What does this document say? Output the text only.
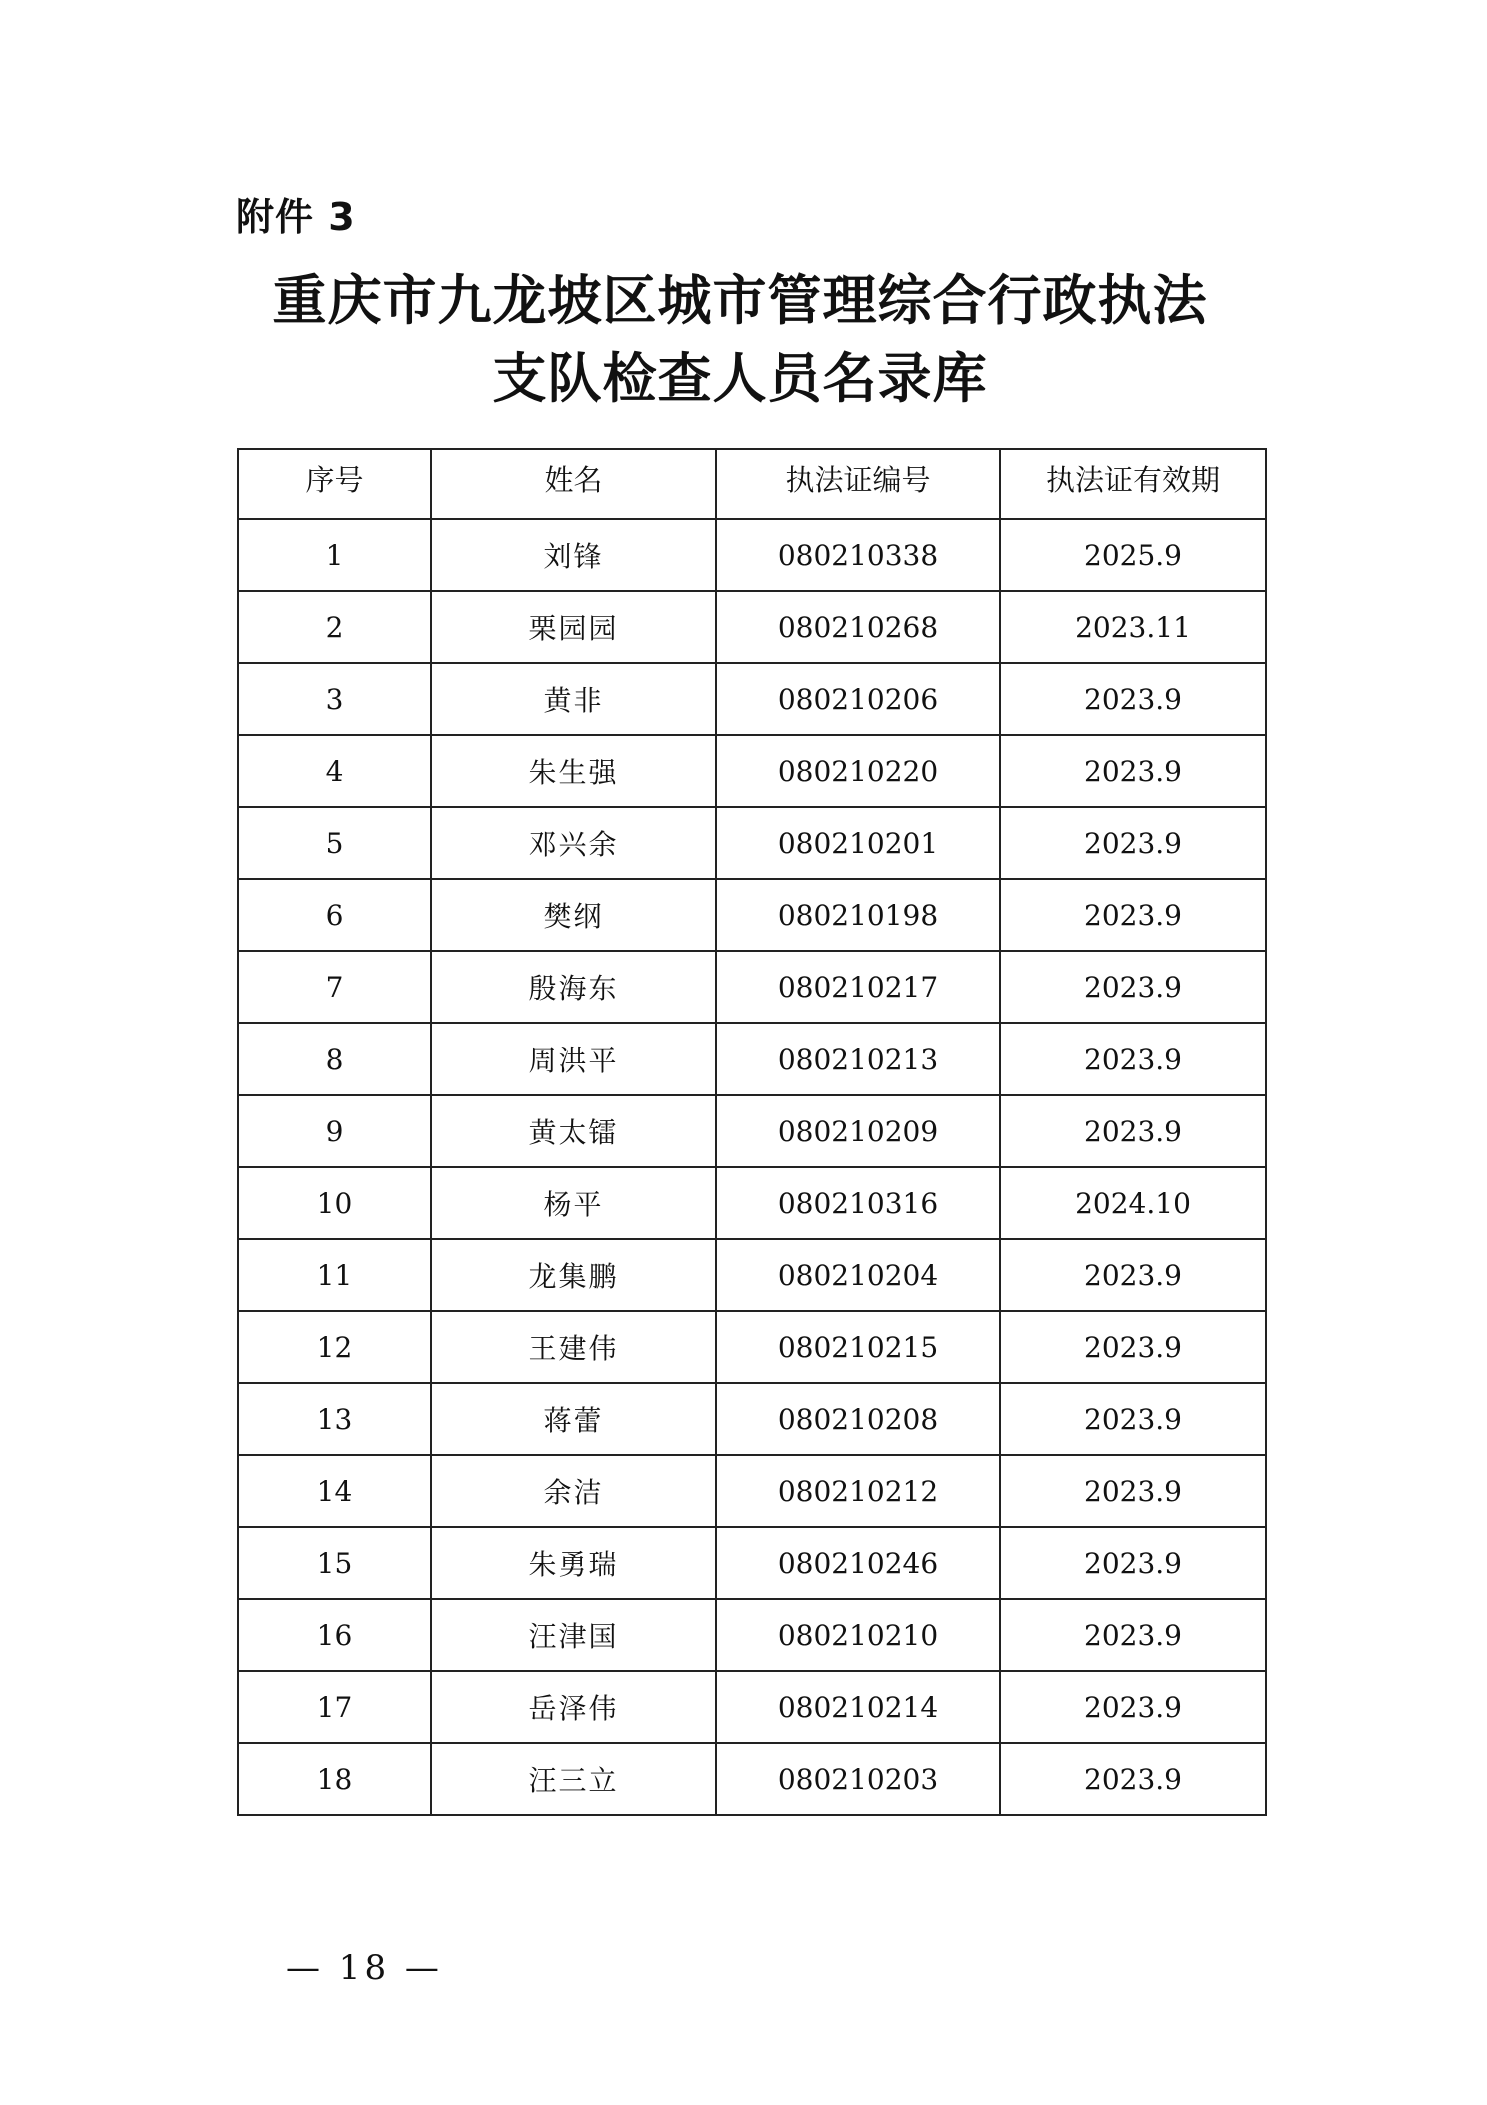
附件 3
重庆市九龙坡区城市管理综合行政执法
支队检查人员名录库
序号	姓名	执法证编号	执法证有效期
1	刘锋	080210338	2025.9
2	栗园园	080210268	2023.11
3	黄非	080210206	2023.9
4	朱生强	080210220	2023.9
5	邓兴余	080210201	2023.9
6	樊纲	080210198	2023.9
7	殷海东	080210217	2023.9
8	周洪平	080210213	2023.9
9	黄太镭	080210209	2023.9
10	杨平	080210316	2024.10
11	龙集鹏	080210204	2023.9
12	王建伟	080210215	2023.9
13	蒋蕾	080210208	2023.9
14	余洁	080210212	2023.9
15	朱勇瑞	080210246	2023.9
16	汪津国	080210210	2023.9
17	岳泽伟	080210214	2023.9
18	汪三立	080210203	2023.9
— 18 —
